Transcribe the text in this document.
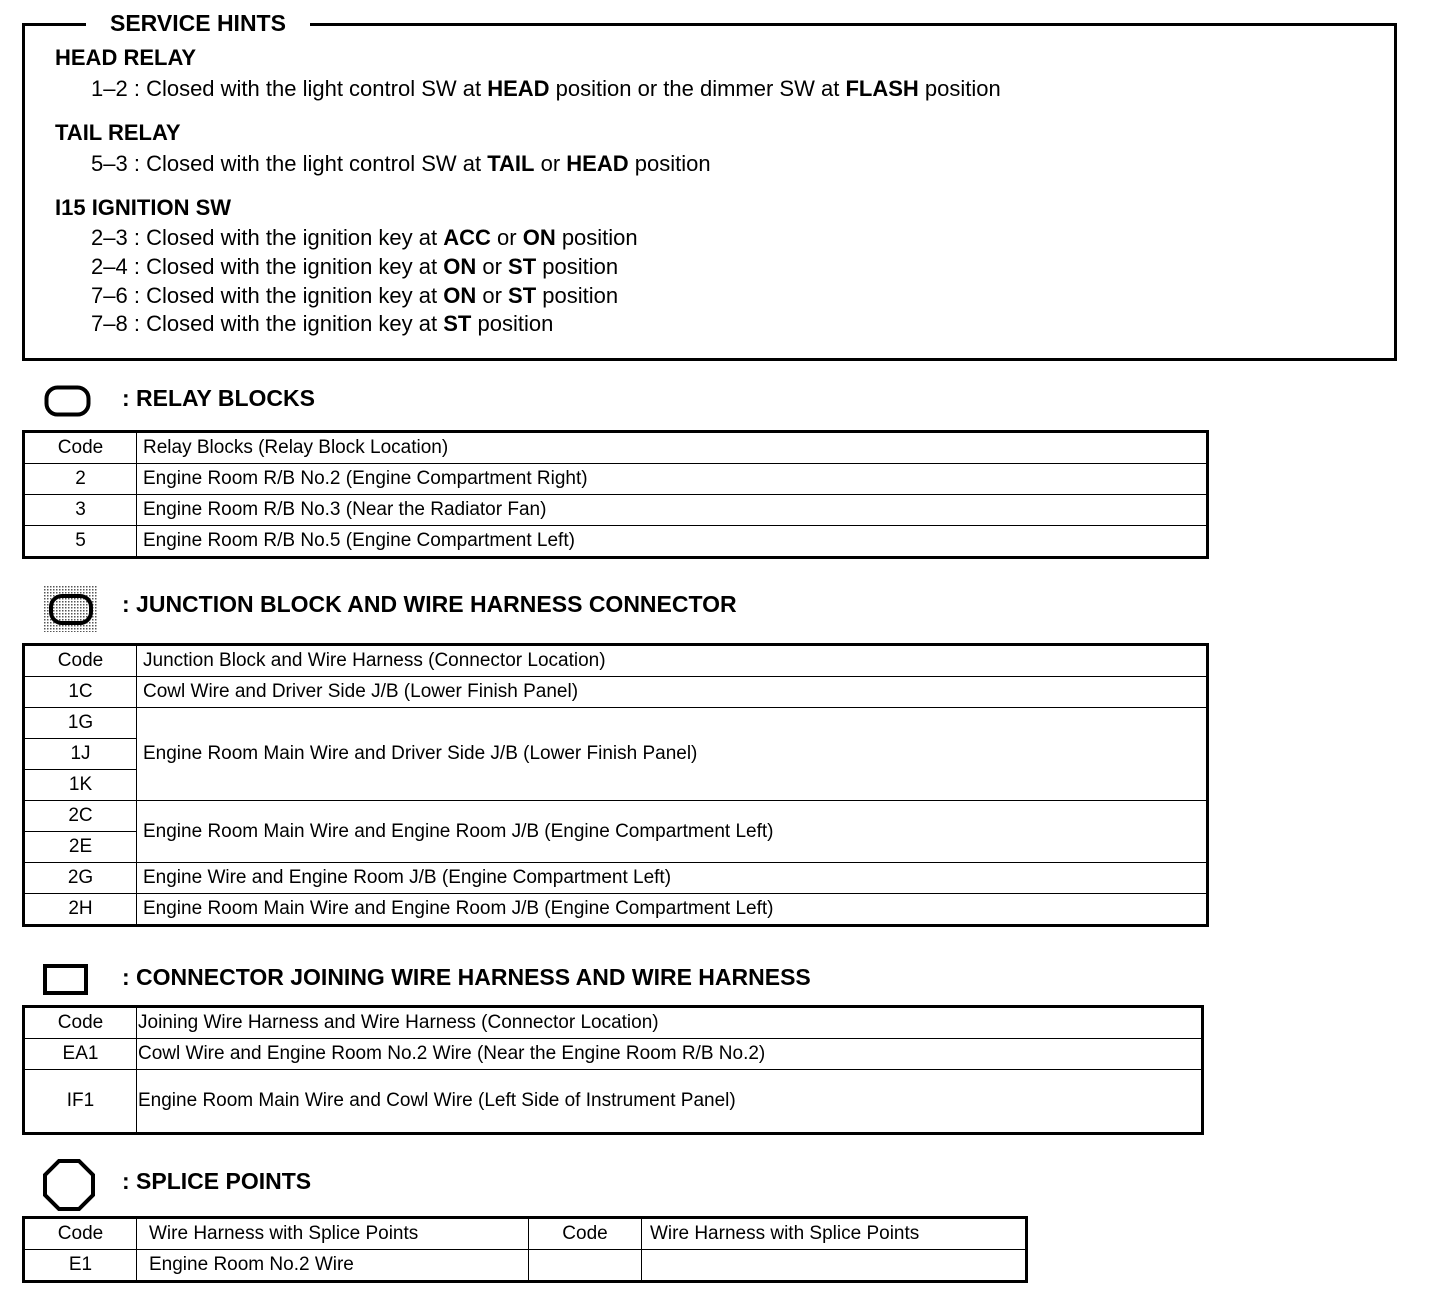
SERVICE HINTS
HEAD RELAY
1–2 : Closed with the light control SW at HEAD position or the dimmer SW at FLASH position
TAIL RELAY
5–3 : Closed with the light control SW at TAIL or HEAD position
I15 IGNITION SW
2–3 : Closed with the ignition key at ACC or ON position
2–4 : Closed with the ignition key at ON or ST position
7–6 : Closed with the ignition key at ON or ST position
7–8 : Closed with the ignition key at ST position
: RELAY BLOCKS
Code	Relay Blocks (Relay Block Location)
2	Engine Room R/B No.2 (Engine Compartment Right)
3	Engine Room R/B No.3 (Near the Radiator Fan)
5	Engine Room R/B No.5 (Engine Compartment Left)
: JUNCTION BLOCK AND WIRE HARNESS CONNECTOR
Code	Junction Block and Wire Harness (Connector Location)
1C	Cowl Wire and Driver Side J/B (Lower Finish Panel)
1G	Engine Room Main Wire and Driver Side J/B (Lower Finish Panel)
1J	
1K	
2C	Engine Room Main Wire and Engine Room J/B (Engine Compartment Left)
2E	
2G	Engine Wire and Engine Room J/B (Engine Compartment Left)
2H	Engine Room Main Wire and Engine Room J/B (Engine Compartment Left)
: CONNECTOR JOINING WIRE HARNESS AND WIRE HARNESS
Code	Joining Wire Harness and Wire Harness (Connector Location)
EA1	Cowl Wire and Engine Room No.2 Wire (Near the Engine Room R/B No.2)
IF1	Engine Room Main Wire and Cowl Wire (Left Side of Instrument Panel)
: SPLICE POINTS
Code	Wire Harness with Splice Points	Code	Wire Harness with Splice Points
E1	Engine Room No.2 Wire		
